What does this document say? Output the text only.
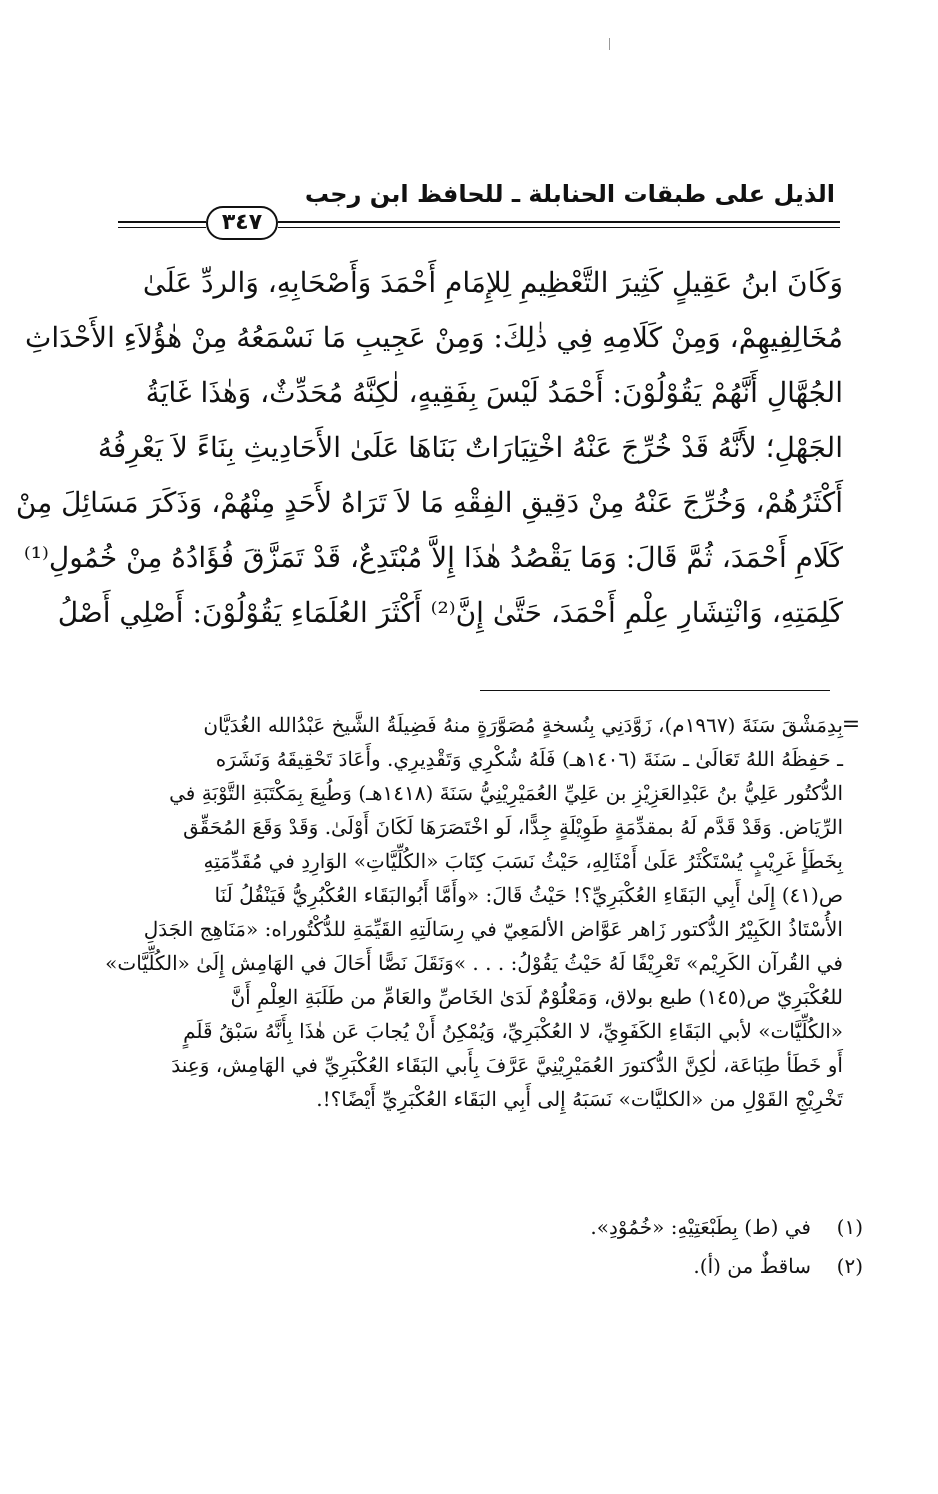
الذيل على طبقات الحنابلة ـ للحافظ ابن رجب
٣٤٧
وَكَانَ ابنُ عَقِيلٍ كَثِيرَ التَّعْظِيمِ لِلإِمَامِ أَحْمَدَ وَأَصْحَابِهِ، وَالردِّ عَلَىٰ
مُخَالِفِيهِمْ، وَمِنْ كَلَامِهِ فِي ذٰلِكَ: وَمِنْ عَجِيبِ مَا نَسْمَعُهُ مِنْ هٰؤُلاَءِ الأَحْدَاثِ
الجُهَّالِ أَنَّهُمْ يَقُوْلُوْنَ: أَحْمَدُ لَيْسَ بِفَقِيهٍ، لٰكِنَّهُ مُحَدِّثٌ، وَهٰذَا غَايَةُ
الجَهْلِ؛ لأَنَّهُ قَدْ خُرِّجَ عَنْهُ اخْتِيَارَاتٌ بَنَاهَا عَلَىٰ الأَحَادِيثِ بِنَاءً لاَ يَعْرِفُهُ
أَكْثَرُهُمْ، وَخُرِّجَ عَنْهُ مِنْ دَقِيقِ الفِقْهِ مَا لاَ تَرَاهُ لأَحَدٍ مِنْهُمْ، وَذَكَرَ مَسَائِلَ مِنْ
كَلَامِ أَحْمَدَ، ثُمَّ قَالَ: وَمَا يَقْصُدُ هٰذَا إِلاَّ مُبْتَدِعٌ، قَدْ تَمَزَّقَ فُؤَادُهُ مِنْ خُمُولِ⁽¹⁾
كَلِمَتِهِ، وَانْتِشَارِ عِلْمِ أَحْمَدَ، حَتَّىٰ إِنَّ⁽²⁾ أَكْثَرَ العُلَمَاءِ يَقُوْلُوْنَ: أَصْلِي أَصْلُ
=
بِدِمَشْقَ سَنَةَ (١٩٦٧م)، زَوَّدَنِي بِنُسخةٍ مُصَوَّرَةٍ منهُ فَضِيلَةُ الشَّيخ عَبْدُالله الغُدَيَّان
ـ حَفِظَهُ اللهُ تَعَالَىٰ ـ سَنَةَ (١٤٠٦هـ) فَلَهُ شُكْرِي وَتَقْدِيرِي. وأَعَادَ تَحْقِيقَهُ وَنَشَرَه
الدُّكتُور عَلِيُّ بنُ عَبْدِالعَزِيْزِ بن عَلِيِّ العُمَيْرِيْنِيُّ سَنَةَ (١٤١٨هـ) وَطُبِعَ بِمَكْتَبَةِ التَّوْبَةِ في
الرِّيَاض. وَقَدْ قَدَّم لَهُ بمقدِّمَةٍ طَوِيْلَةٍ جِدًّا، لَو اخْتَصَرَهَا لَكَانَ أَوْلَىٰ. وَقَدْ وَقَعَ المُحَقِّق
بِخَطَأٍ غَرِيْبٍ يُسْتَكْثَرُ عَلَىٰ أَمْثَالِهِ، حَيْثُ نَسَبَ كِتَابَ «الكُلِّيَّاتِ» الوَارِدِ في مُقَدِّمَتِهِ
ص(٤١) إِلَىٰ أَبِي البَقَاءِ العُكْبَرِيِّ؟! حَيْثُ قَالَ: «وأَمَّا أَبُوالبَقَاء العُكْبُرِيُّ فَيَنْقُلُ لَنَا
الأُسْتَاذُ الكَبِيْرُ الدُّكتور زَاهر عَوَّاض الألمَعِيّ في رِسَالَتِهِ القَيِّمَةِ للدُّكْتُوراه: «مَنَاهِج الجَدَلِ
في القُرآن الكَرِيْم» تَعْرِيْفًا لَهُ حَيْثُ يَقُوْلُ: . . . »وَنَقَلَ نَصًّا أَحَالَ في الهَامِش إِلَىٰ «الكُلِّيَّات»
للعُكْبَرِيّ ص(١٤٥) طبع بولاق، وَمَعْلُوْمٌ لَدَىٰ الخَاصِّ والعَامِّ من طَلَبَةِ العِلْمِ أَنَّ
«الكُلِّيَّات» لأبي البَقَاءِ الكَفَوِيِّ، لا العُكْبَرِيِّ، وَيُمْكِنُ أَنْ يُجابَ عَن هٰذَا بِأَنَّهُ سَبْقُ قَلَمٍ
أَو خَطَأ طِبَاعَة، لٰكِنَّ الدُّكتورَ العُمَيْرِيْنِيَّ عَرَّفَ بِأَبي البَقَاء العُكْبَرِيِّ في الهَامِش، وَعِندَ
تَخْرِيْجِ القَوْلِ من «الكليَّات» نَسَبَهُ إِلى أَبِي البَقَاء العُكْبَرِيِّ أَيْضًا؟!.
(١)في (ط) بِطَبْعَتِيْهِ: «خُمُوْدِ».
(٢)ساقطٌ من (أ).
